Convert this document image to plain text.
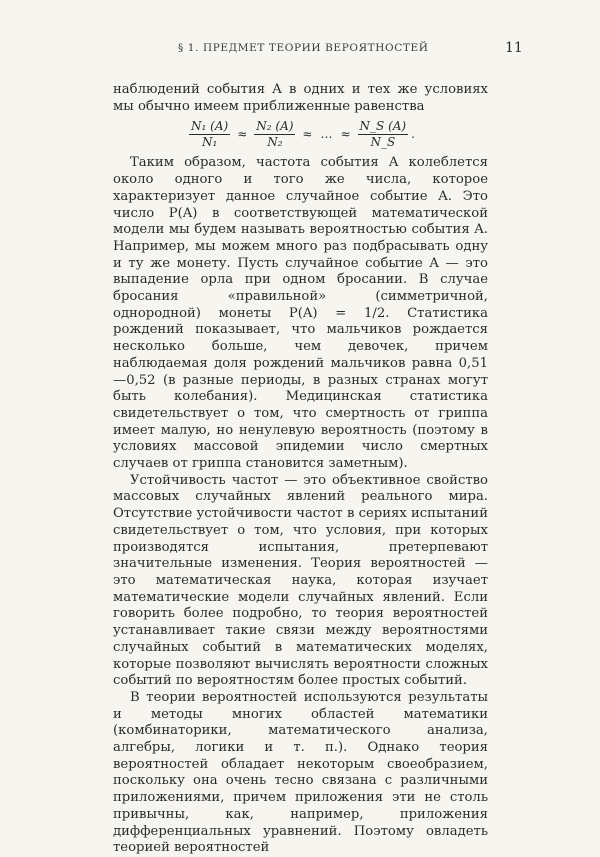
§ 1. ПРЕДМЕТ ТЕОРИИ ВЕРОЯТНОСТЕЙ	11

наблюдений события A в одних и тех же условиях мы обычно имеем приближенные равенства

$\frac{\text{N₁ (A)}}{\text{N₁}} \approx \frac{\text{N₂ (A)}}{\text{N₂}}$ ≈ … ≈ $\frac{N\_S (A)}{N\_S}$ .

Таким образом, частота события A колеблется около одного и того же числа, которое характеризует данное случайное событие A. Это число P(A) в соответствующей математической модели мы будем называть вероятностью события A. Например, мы можем много раз подбрасывать одну и ту же монету. Пусть случайное событие A — это выпадение орла при одном бросании. В случае бросания «правильной» (симметричной, однородной) монеты P(A) = 1/2. Статистика рождений показывает, что мальчиков рождается несколько больше, чем девочек, причем наблюдаемая доля рождений мальчиков равна 0,51—0,52 (в разные периоды, в разных странах могут быть колебания). Медицинская статистика свидетельствует о том, что смертность от гриппа имеет малую, но ненулевую вероятность (поэтому в условиях массовой эпидемии число смертных случаев от гриппа становится заметным).

Устойчивость частот — это объективное свойство массовых случайных явлений реального мира. Отсутствие устойчивости частот в сериях испытаний свидетельствует о том, что условия, при которых производятся испытания, претерпевают значительные изменения. Теория вероятностей — это математическая наука, которая изучает математические модели случайных явлений. Если говорить более подробно, то теория вероятностей устанавливает такие связи между вероятностями случайных событий в математических моделях, которые позволяют вычислять вероятности сложных событий по вероятностям более простых событий.

В теории вероятностей используются результаты и методы многих областей математики (комбинаторики, математического анализа, алгебры, логики и т. п.). Однако теория вероятностей обладает некоторым своеобразием, поскольку она очень тесно связана с различными приложениями, причем приложения эти не столь привычны, как, например, приложения дифференциальных уравнений. Поэтому овладеть теорией вероятностей
